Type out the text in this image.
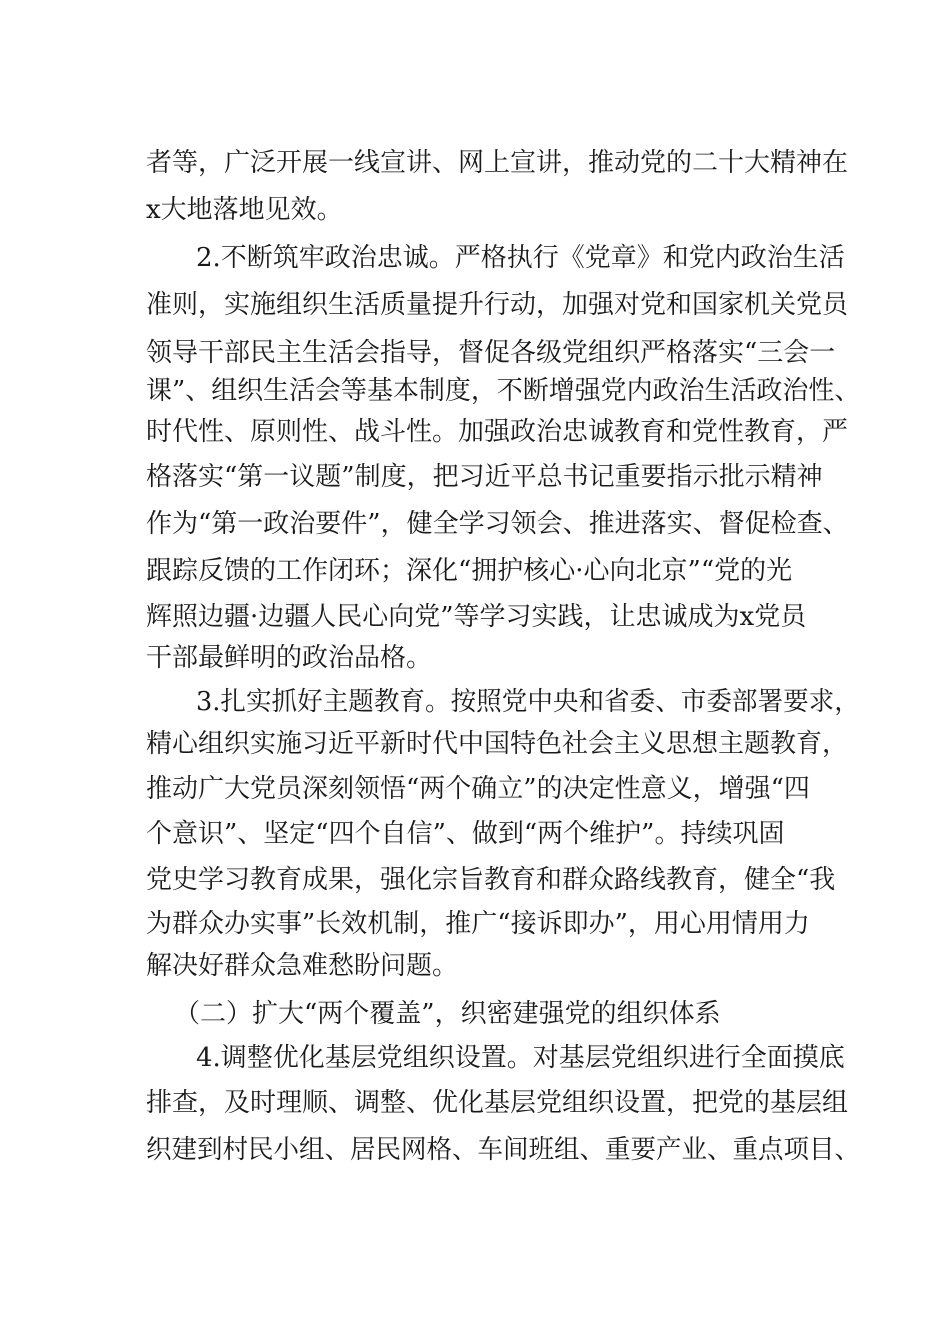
者等，广泛开展一线宣讲、网上宣讲，推动党的二十大精神在
x大地落地见效。
2.不断筑牢政治忠诚。严格执行《党章》和党内政治生活
准则，实施组织生活质量提升行动，加强对党和国家机关党员
领导干部民主生活会指导，督促各级党组织严格落实“三会一
课”、组织生活会等基本制度，不断增强党内政治生活政治性、
时代性、原则性、战斗性。加强政治忠诚教育和党性教育，严
格落实“第一议题”制度，把习近平总书记重要指示批示精神
作为“第一政治要件”，健全学习领会、推进落实、督促检查、
跟踪反馈的工作闭环；深化“拥护核心·心向北京”“党的光
辉照边疆·边疆人民心向党”等学习实践，让忠诚成为x党员
干部最鲜明的政治品格。
3.扎实抓好主题教育。按照党中央和省委、市委部署要求，
精心组织实施习近平新时代中国特色社会主义思想主题教育，
推动广大党员深刻领悟“两个确立”的决定性意义，增强“四
个意识”、坚定“四个自信”、做到“两个维护”。持续巩固
党史学习教育成果，强化宗旨教育和群众路线教育，健全“我
为群众办实事”长效机制，推广“接诉即办”，用心用情用力
解决好群众急难愁盼问题。
（二）扩大“两个覆盖”，织密建强党的组织体系
4.调整优化基层党组织设置。对基层党组织进行全面摸底
排查，及时理顺、调整、优化基层党组织设置，把党的基层组
织建到村民小组、居民网格、车间班组、重要产业、重点项目、
